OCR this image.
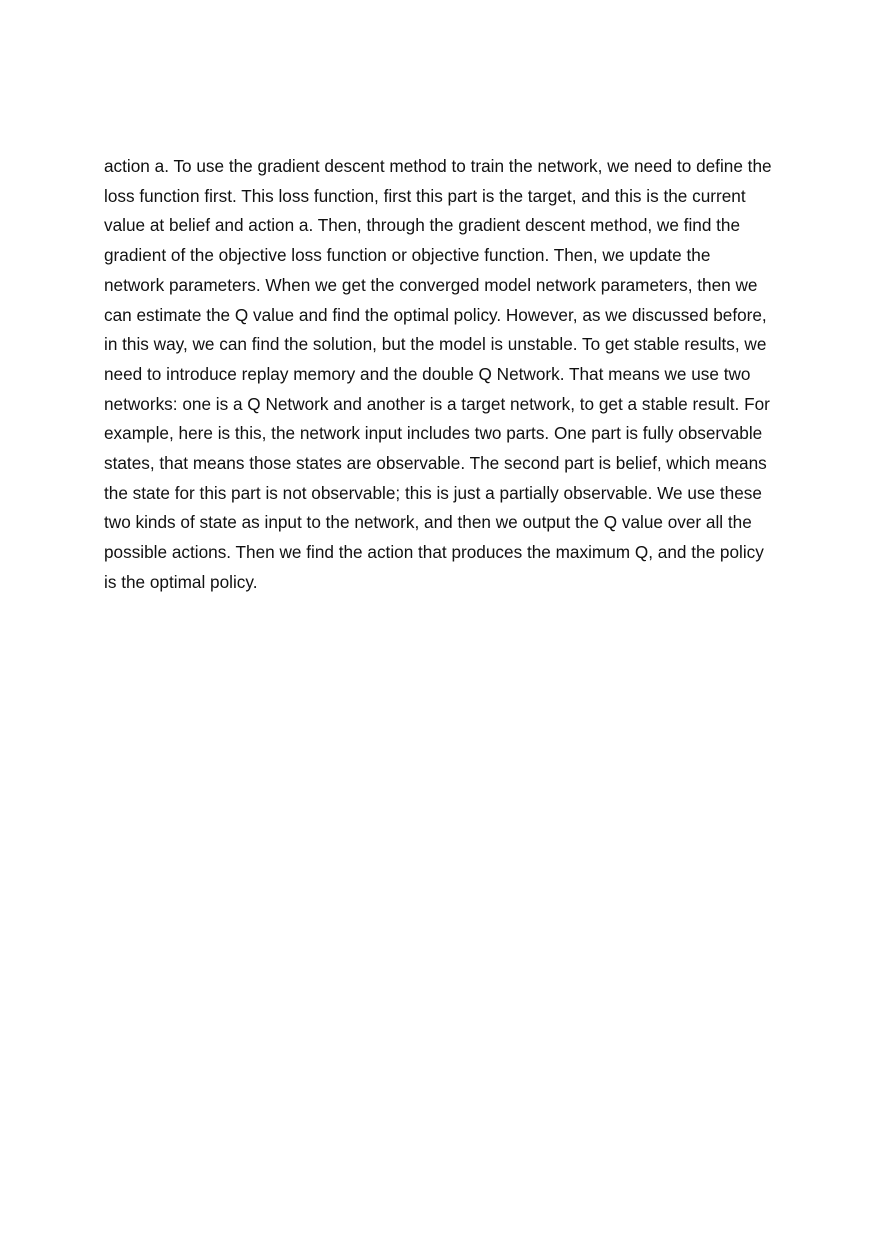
action a. To use the gradient descent method to train the network, we need to define the
loss function first. This loss function, first this part is the target, and this is the current
value at belief and action a. Then, through the gradient descent method, we find the
gradient of the objective loss function or objective function. Then, we update the
network parameters. When we get the converged model network parameters, then we
can estimate the Q value and find the optimal policy. However, as we discussed before,
in this way, we can find the solution, but the model is unstable. To get stable results, we
need to introduce replay memory and the double Q Network. That means we use two
networks: one is a Q Network and another is a target network, to get a stable result. For
example, here is this, the network input includes two parts. One part is fully observable
states, that means those states are observable. The second part is belief, which means
the state for this part is not observable; this is just a partially observable. We use these
two kinds of state as input to the network, and then we output the Q value over all the
possible actions. Then we find the action that produces the maximum Q, and the policy
is the optimal policy.
